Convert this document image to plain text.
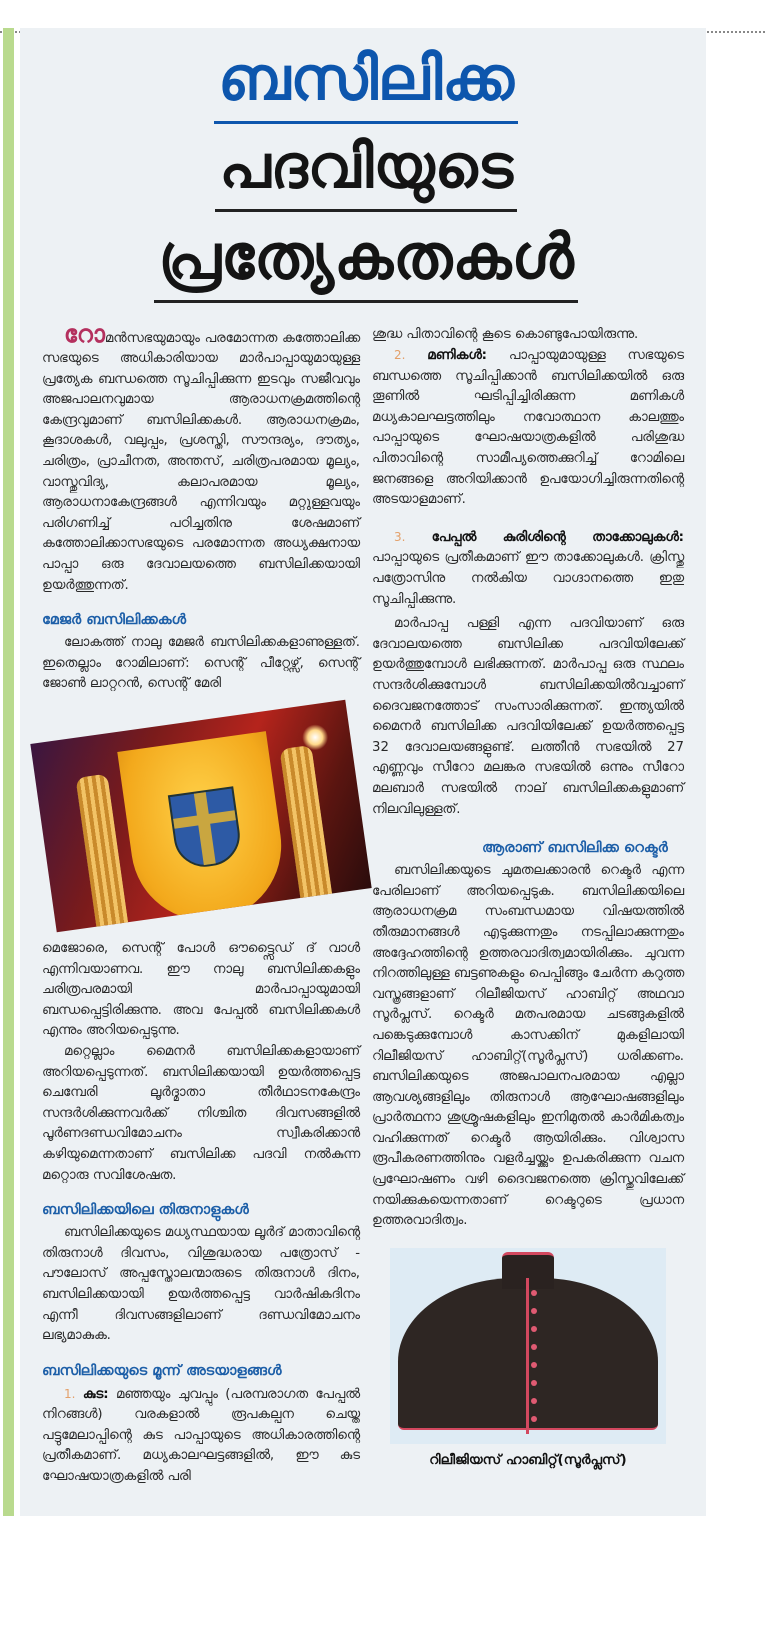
ബസിലിക്ക
പദവിയുടെ
പ്രത്യേകതകൾ

റോമൻസഭയുമായും പരമോന്നത കത്തോലിക്ക സഭയുടെ അധികാരിയായ മാർപാപ്പായുമായുള്ള പ്രത്യേക ബന്ധത്തെ സൂചിപ്പിക്കുന്ന ഇടവും സജീവവും അജപാലനവുമായ ആരാധനക്രമത്തിന്റെ കേന്ദ്രവുമാണ് ബസിലിക്കകൾ. ആരാധനക്രമം, കൂദാശകൾ, വലുപ്പം, പ്രശസ്തി, സൗന്ദര്യം, ദൗത്യം, ചരിത്രം, പ്രാചീനത, അന്തസ്, ചരിത്രപരമായ മൂല്യം, വാസ്തുവിദ്യ, കലാപരമായ മൂല്യം, ആരാധനാകേന്ദ്രങ്ങൾ എന്നിവയും മറ്റുള്ളവയും പരിഗണിച്ച് പഠിച്ചതിനു ശേഷമാണ് കത്തോലിക്കാസഭയുടെ പരമോന്നത അധ്യക്ഷനായ പാപ്പാ ഒരു ദേവാലയത്തെ ബസിലിക്കയായി ഉയർത്തുന്നത്.

മേജർ ബസിലിക്കകൾ

ലോകത്ത് നാലു മേജർ ബസിലിക്കകളാണുള്ളത്. ഇതെല്ലാം റോമിലാണ്: സെന്റ് പീറ്റേഴ്സ്, സെന്റ് ജോൺ ലാറ്ററൻ, സെന്റ് മേരി

മെജോരെ, സെന്റ് പോൾ ഔട്ട്സൈഡ് ദ് വാൾ എന്നിവയാണവ. ഈ നാലു ബസിലിക്കകളും ചരിത്രപരമായി മാർപാപ്പായുമായി ബന്ധപ്പെട്ടിരിക്കുന്നു. അവ പേപ്പൽ ബസിലിക്കകൾ എന്നും അറിയപ്പെടുന്നു.

മറ്റെല്ലാം മൈനർ ബസിലിക്കകളായാണ് അറിയപ്പെടുന്നത്. ബസിലിക്കയായി ഉയർത്തപ്പെട്ട ചെമ്പേരി ലൂർദ്മാതാ തീർഥാടനകേന്ദ്രം സന്ദർശിക്കുന്നവർക്ക് നിശ്ചിത ദിവസങ്ങളിൽ പൂർണദണ്ഡവിമോചനം സ്വീകരിക്കാൻ കഴിയുമെന്നതാണ് ബസിലിക്ക പദവി നൽകുന്ന മറ്റൊരു സവിശേഷത.

ബസിലിക്കയിലെ തിരുനാളുകൾ

ബസിലിക്കയുടെ മധ്യസ്ഥയായ ലൂർദ് മാതാവിന്റെ തിരുനാൾ ദിവസം, വിശുദ്ധരായ പത്രോസ് - പൗലോസ് അപ്പസ്തോലന്മാരുടെ തിരുനാൾ ദിനം, ബസിലിക്കയായി ഉയർത്തപ്പെട്ട വാർഷികദിനം എന്നീ ദിവസങ്ങളിലാണ് ദണ്ഡവിമോചനം ലഭ്യമാകുക.

ബസിലിക്കയുടെ മൂന്ന് അടയാളങ്ങൾ

1. കുട: മഞ്ഞയും ചുവപ്പും (പരമ്പരാഗത പേപ്പൽ നിറങ്ങൾ) വരകളാൽ രൂപകല്പന ചെയ്ത പട്ടുമേലാപ്പിന്റെ കുട പാപ്പായുടെ അധികാരത്തിന്റെ പ്രതീകമാണ്. മധ്യകാലഘട്ടങ്ങളിൽ, ഈ കുട ഘോഷയാത്രകളിൽ പരി

ശുദ്ധ പിതാവിന്റെ കൂടെ കൊണ്ടുപോയിരുന്നു.

2. മണികൾ: പാപ്പായുമായുള്ള സഭയുടെ ബന്ധത്തെ സൂചിപ്പിക്കാൻ ബസിലിക്കയിൽ ഒരു തൂണിൽ ഘടിപ്പിച്ചിരിക്കുന്ന മണികൾ മധ്യകാലഘട്ടത്തിലും നവോത്ഥാന കാലത്തും പാപ്പായുടെ ഘോഷയാത്രകളിൽ പരിശുദ്ധ പിതാവിന്റെ സാമീപ്യത്തെക്കുറിച്ച് റോമിലെ ജനങ്ങളെ അറിയിക്കാൻ ഉപയോഗിച്ചിരുന്നതിന്റെ അടയാളമാണ്.

3. പേപ്പൽ കുരിശിന്റെ താക്കോലുകൾ: പാപ്പായുടെ പ്രതീകമാണ് ഈ താക്കോലുകൾ. ക്രിസ്തു പത്രോസിനു നൽകിയ വാഗ്ദാനത്തെ ഇതു സൂചിപ്പിക്കുന്നു.

മാർപാപ്പ പള്ളി എന്ന പദവിയാണ് ഒരു ദേവാലയത്തെ ബസിലിക്ക പദവിയിലേക്ക് ഉയർത്തുമ്പോൾ ലഭിക്കുന്നത്. മാർപാപ്പ ഒരു സ്ഥലം സന്ദർശിക്കുമ്പോൾ ബസിലിക്കയിൽവച്ചാണ് ദൈവജനത്തോട് സംസാരിക്കുന്നത്. ഇന്ത്യയിൽ മൈനർ ബസിലിക്ക പദവിയിലേക്ക് ഉയർത്തപ്പെട്ട 32 ദേവാലയങ്ങളുണ്ട്. ലത്തീൻ സഭയിൽ 27 എണ്ണവും സീറോ മലങ്കര സഭയിൽ ഒന്നും സീറോ മലബാർ സഭയിൽ നാല് ബസിലിക്കകളുമാണ് നിലവിലുള്ളത്.

ആരാണ് ബസിലിക്ക റെക്ടർ

ബസിലിക്കയുടെ ചുമതലക്കാരൻ റെക്ടർ എന്ന പേരിലാണ് അറിയപ്പെടുക. ബസിലിക്കയിലെ ആരാധനക്രമ സംബന്ധമായ വിഷയത്തിൽ തീരുമാനങ്ങൾ എടുക്കുന്നതും നടപ്പിലാക്കുന്നതും അദ്ദേഹത്തിന്റെ ഉത്തരവാദിത്വമായിരിക്കും. ചുവന്ന നിറത്തിലുള്ള ബട്ടണുകളും പെപ്പിങ്ങും ചേർന്ന കറുത്ത വസ്ത്രങ്ങളാണ് റിലീജിയസ് ഹാബിറ്റ് അഥവാ സൂർപ്ലസ്. റെക്ടർ മതപരമായ ചടങ്ങുകളിൽ പങ്കെടുക്കുമ്പോൾ കാസക്കിന് മുകളിലായി റിലീജിയസ് ഹാബിറ്റ്(സൂർപ്ലസ്) ധരിക്കണം. ബസിലിക്കയുടെ അജപാലനപരമായ എല്ലാ ആവശ്യങ്ങളിലും തിരുനാൾ ആഘോഷങ്ങളിലും പ്രാർത്ഥനാ ശുശ്രൂഷകളിലും ഇനിമുതൽ കാർമികത്വം വഹിക്കുന്നത് റെക്ടർ ആയിരിക്കും. വിശ്വാസ രൂപീകരണത്തിനും വളർച്ചയ്ക്കും ഉപകരിക്കുന്ന വചന പ്രഘോഷണം വഴി ദൈവജനത്തെ ക്രിസ്തുവിലേക്ക് നയിക്കുകയെന്നതാണ് റെക്ടറുടെ പ്രധാന ഉത്തരവാദിത്വം.

റിലീജിയസ് ഹാബിറ്റ്(സൂർപ്ലസ്)
